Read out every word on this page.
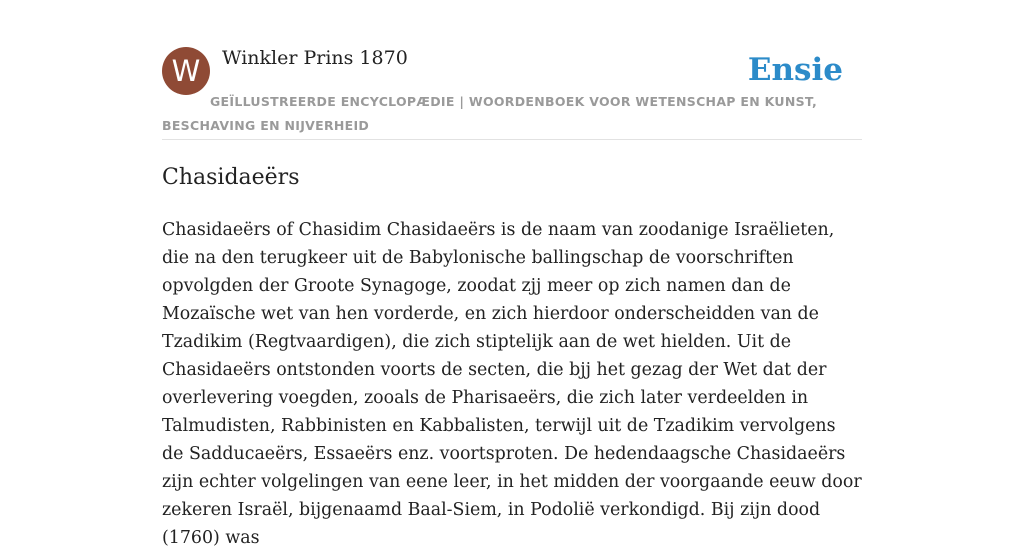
W	Winkler Prins 1870	Ensie
GEÏLLUSTREERDE ENCYCLOPÆDIE | WOORDENBOEK VOOR WETENSCHAP EN KUNST, BESCHAVING EN NIJVERHEID
Chasidaeërs

Chasidaeërs of Chasidim Chasidaeërs is de naam van zoodanige Israëlieten, die na den terugkeer uit de Babylonische ballingschap de voorschriften opvolgden der Groote Synagoge, zoodat zjj meer op zich namen dan de Mozaïsche wet van hen vorderde, en zich hierdoor onderscheidden van de Tzadikim (Regtvaardigen), die zich stiptelijk aan de wet hielden. Uit de Chasidaeërs ontstonden voorts de secten, die bjj het gezag der Wet dat der overlevering voegden, zooals de Pharisaeërs, die zich later verdeelden in Talmudisten, Rabbinisten en Kabbalisten, terwijl uit de Tzadikim vervolgens de Sadducaeërs, Essaeërs enz. voortsproten. De hedendaagsche Chasidaeërs zijn echter volgelingen van eene leer, in het midden der voorgaande eeuw door zekeren Israël, bijgenaamd Baal-Siem, in Podolië verkondigd. Bij zijn dood (1760) was
